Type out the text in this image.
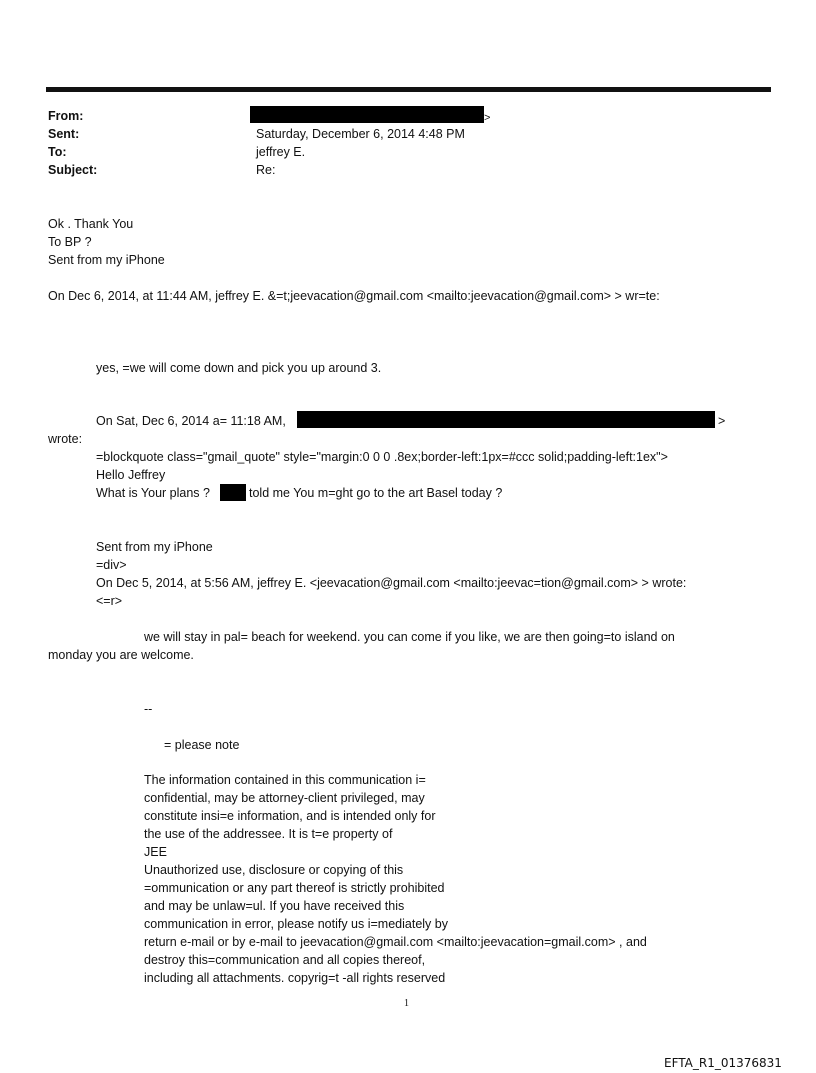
From:	>
Sent:	Saturday, December 6, 2014 4:48 PM
To:	jeffrey E.
Subject:	Re:
Ok . Thank You
To BP ?
Sent from my iPhone
On Dec 6, 2014, at 11:44 AM, jeffrey E. &=t;jeevacation@gmail.com <mailto:jeevacation@gmail.com> > wr=te:
yes, =we will come down and pick you up around 3.
On Sat, Dec 6, 2014 a= 11:18 AM,	>
wrote:
=blockquote class="gmail_quote" style="margin:0 0 0 .8ex;border-left:1px=#ccc solid;padding-left:1ex">
Hello Jeffrey
What is Your plans ?	told me You m=ght go to the art Basel today ?
Sent from my iPhone
=div>
On Dec 5, 2014, at 5:56 AM, jeffrey E. <jeevacation@gmail.com <mailto:jeevac=tion@gmail.com> > wrote:
<=r>
we will stay in pal= beach for weekend. you can come if you like, we are then going=to island on
monday you are welcome.
--
= please note
The information contained in this communication i=
confidential, may be attorney-client privileged, may
constitute insi=e information, and is intended only for
the use of the addressee. It is t=e property of
JEE
Unauthorized use, disclosure or copying of this
=ommunication or any part thereof is strictly prohibited
and may be unlaw=ul. If you have received this
communication in error, please notify us i=mediately by
return e-mail or by e-mail to jeevacation@gmail.com <mailto:jeevacation=gmail.com> , and
destroy this=communication and all copies thereof,
including all attachments. copyrig=t -all rights reserved
1
EFTA_R1_01376831
